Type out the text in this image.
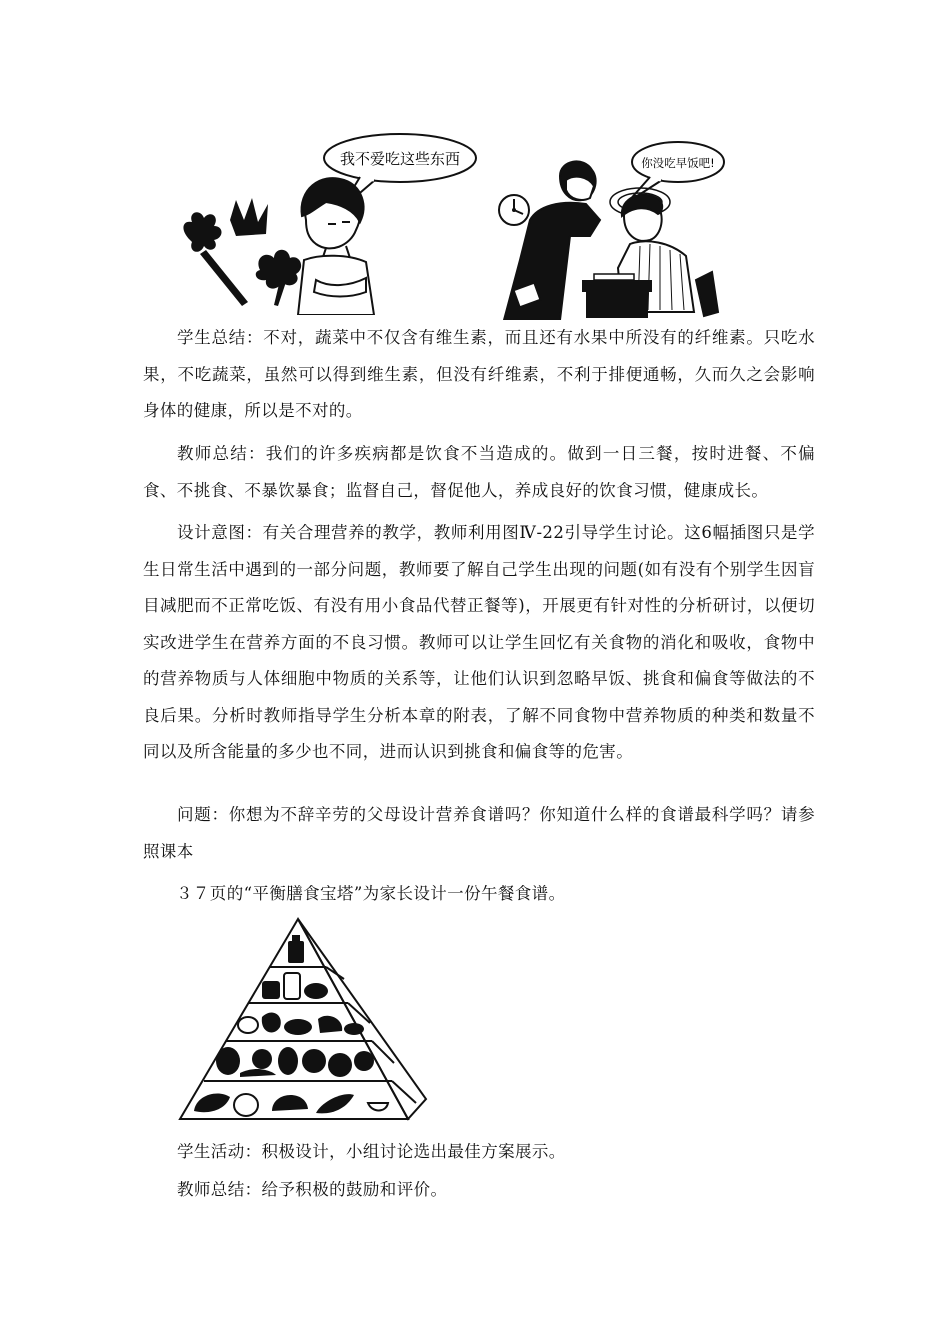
我不爱吃这些东西	你没吃早饭吧!

学生总结：不对，蔬菜中不仅含有维生素，而且还有水果中所没有的纤维素。只吃水果，不吃蔬菜，虽然可以得到维生素，但没有纤维素，不利于排便通畅，久而久之会影响身体的健康，所以是不对的。

教师总结：我们的许多疾病都是饮食不当造成的。做到一日三餐，按时进餐、不偏食、不挑食、不暴饮暴食；监督自己，督促他人，养成良好的饮食习惯，健康成长。

设计意图：有关合理营养的教学，教师利用图Ⅳ-22引导学生讨论。这6幅插图只是学生日常生活中遇到的一部分问题，教师要了解自己学生出现的问题(如有没有个别学生因盲目减肥而不正常吃饭、有没有用小食品代替正餐等)，开展更有针对性的分析研讨，以便切实改进学生在营养方面的不良习惯。教师可以让学生回忆有关食物的消化和吸收，食物中的营养物质与人体细胞中物质的关系等，让他们认识到忽略早饭、挑食和偏食等做法的不良后果。分析时教师指导学生分析本章的附表，了解不同食物中营养物质的种类和数量不同以及所含能量的多少也不同，进而认识到挑食和偏食等的危害。

问题：你想为不辞辛劳的父母设计营养食谱吗？你知道什么样的食谱最科学吗？请参照课本

３７页的“平衡膳食宝塔”为家长设计一份午餐食谱。

学生活动：积极设计，小组讨论选出最佳方案展示。

教师总结：给予积极的鼓励和评价。
